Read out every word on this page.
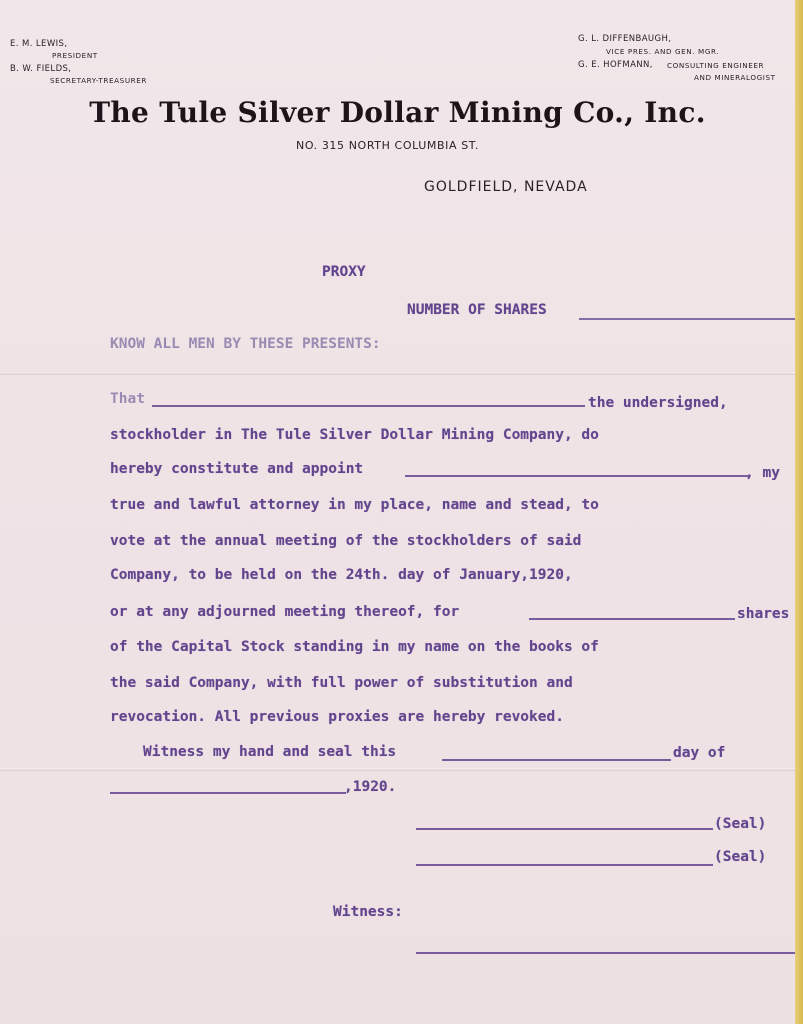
E. M. LEWIS,
PRESIDENT
B. W. FIELDS,
SECRETARY-TREASURER
G. L. DIFFENBAUGH,
VICE PRES. AND GEN. MGR.
G. E. HOFMANN, CONSULTING ENGINEER
AND MINERALOGIST
The Tule Silver Dollar Mining Co., Inc.
NO. 315 NORTH COLUMBIA ST.
GOLDFIELD, NEVADA
PROXY
NUMBER OF SHARES
KNOW ALL MEN BY THESE PRESENTS:
That	the undersigned,
stockholder in The Tule Silver Dollar Mining Company, do
hereby constitute and appoint	, my
true and lawful attorney in my place, name and stead, to
vote at the annual meeting of the stockholders of said
Company, to be held on the 24th. day of January,1920,
or at any adjourned meeting thereof, for	shares
of the Capital Stock standing in my name on the books of
the said Company, with full power of substitution and
revocation. All previous proxies are hereby revoked.
Witness my hand and seal this	day of
,1920.
(Seal)
(Seal)
Witness:
